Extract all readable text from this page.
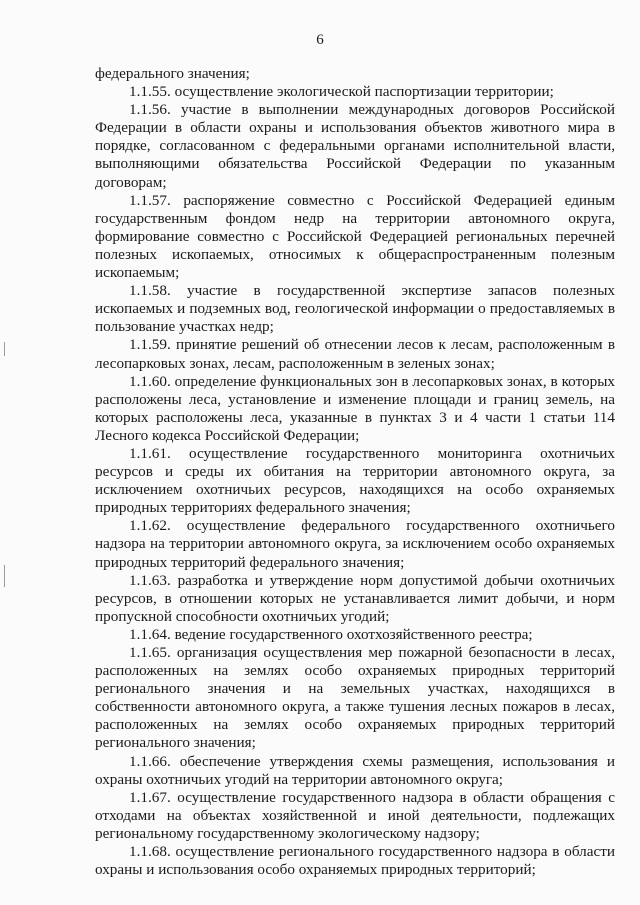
6

федерального значения;

1.1.55. осуществление экологической паспортизации территории;

1.1.56. участие в выполнении международных договоров Российской Федерации в области охраны и использования объектов животного мира в порядке, согласованном с федеральными органами исполнительной власти, выполняющими обязательства Российской Федерации по указанным договорам;

1.1.57. распоряжение совместно с Российской Федерацией единым государственным фондом недр на территории автономного округа, формирование совместно с Российской Федерацией региональных перечней полезных ископаемых, относимых к общераспространенным полезным ископаемым;

1.1.58. участие в государственной экспертизе запасов полезных ископаемых и подземных вод, геологической информации о предоставляемых в пользование участках недр;

1.1.59. принятие решений об отнесении лесов к лесам, расположенным в лесопарковых зонах, лесам, расположенным в зеленых зонах;

1.1.60. определение функциональных зон в лесопарковых зонах, в которых расположены леса, установление и изменение площади и границ земель, на которых расположены леса, указанные в пунктах 3 и 4 части 1 статьи 114 Лесного кодекса Российской Федерации;

1.1.61. осуществление государственного мониторинга охотничьих ресурсов и среды их обитания на территории автономного округа, за исключением охотничьих ресурсов, находящихся на особо охраняемых природных территориях федерального значения;

1.1.62. осуществление федерального государственного охотничьего надзора на территории автономного округа, за исключением особо охраняемых природных территорий федерального значения;

1.1.63. разработка и утверждение норм допустимой добычи охотничьих ресурсов, в отношении которых не устанавливается лимит добычи, и норм пропускной способности охотничьих угодий;

1.1.64. ведение государственного охотхозяйственного реестра;

1.1.65. организация осуществления мер пожарной безопасности в лесах, расположенных на землях особо охраняемых природных территорий регионального значения и на земельных участках, находящихся в собственности автономного округа, а также тушения лесных пожаров в лесах, расположенных на землях особо охраняемых природных территорий регионального значения;

1.1.66. обеспечение утверждения схемы размещения, использования и охраны охотничьих угодий на территории автономного округа;

1.1.67. осуществление государственного надзора в области обращения с отходами на объектах хозяйственной и иной деятельности, подлежащих региональному государственному экологическому надзору;

1.1.68. осуществление регионального государственного надзора в области охраны и использования особо охраняемых природных территорий;
